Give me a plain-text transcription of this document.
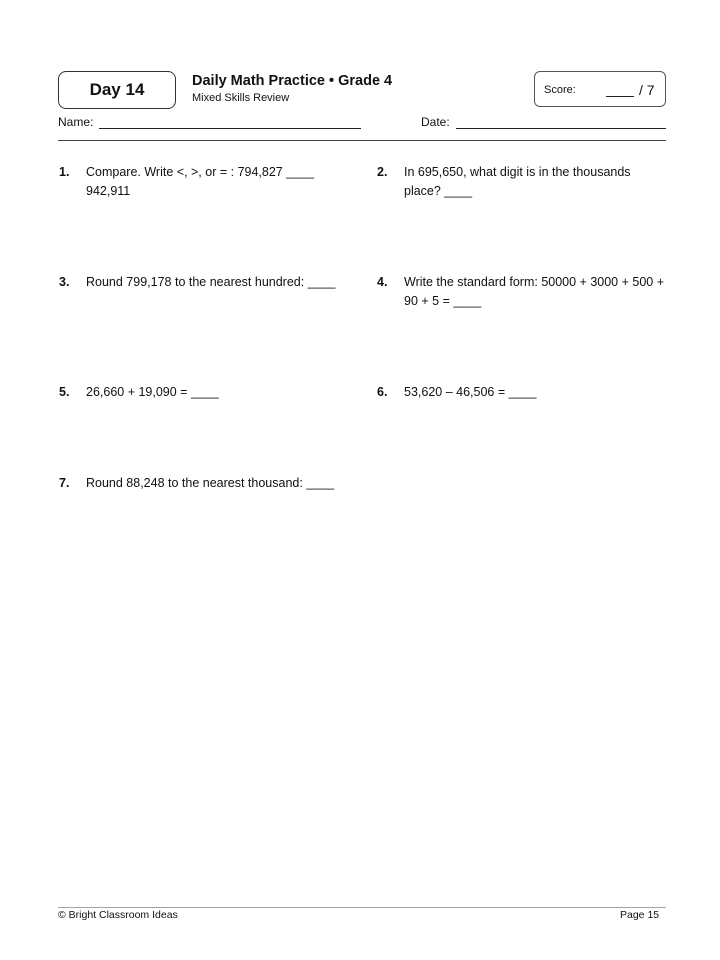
Day 14	Daily Math Practice • Grade 4
Mixed Skills Review
Score:	/ 7
Name:	Date:
1. Compare. Write <, >, or = : 794,827 ____ 942,911
2. In 695,650, what digit is in the thousands place? ____
3. Round 799,178 to the nearest hundred: ____	4. Write the standard form: 50000 + 3000 + 500 + 90 + 5 = ____
5. 26,660 + 19,090 = ____	6. 53,620 – 46,506 = ____
7. Round 88,248 to the nearest thousand: ____
© Bright Classroom Ideas	Page 15
